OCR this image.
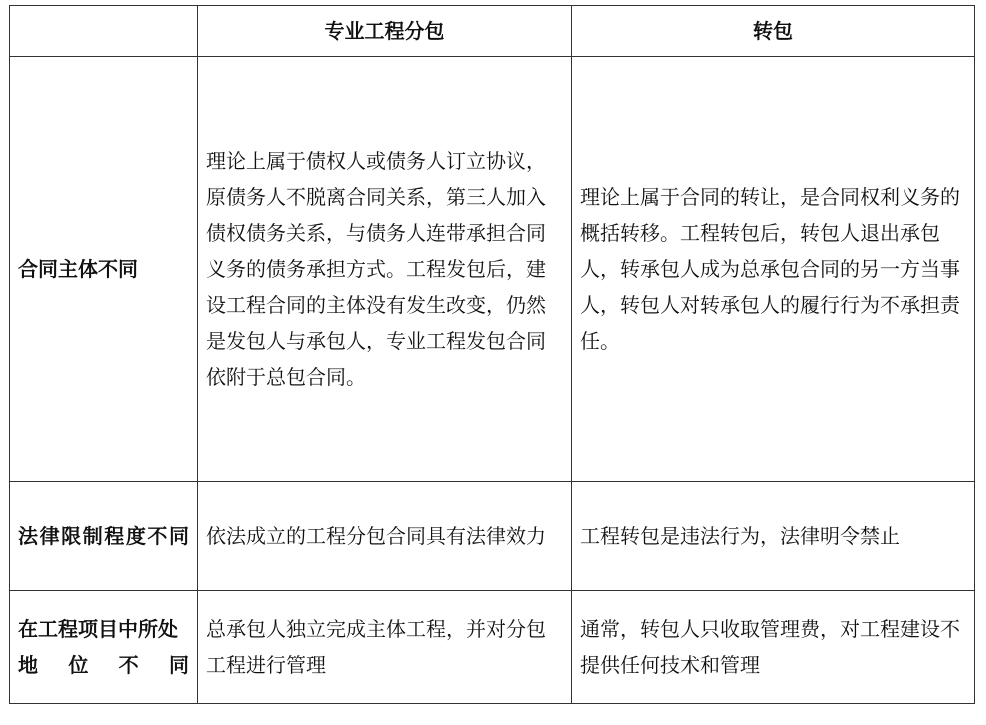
	专业工程分包	转包
合同主体不同	理论上属于债权人或债务人订立协议，原债务人不脱离合同关系，第三人加入债权债务关系，与债务人连带承担合同义务的债务承担方式。工程发包后，建设工程合同的主体没有发生改变，仍然是发包人与承包人，专业工程发包合同依附于总包合同。	理论上属于合同的转让，是合同权利义务的概括转移。工程转包后，转包人退出承包人，转承包人成为总承包合同的另一方当事人，转包人对转承包人的履行行为不承担责任。
法律限制程度不同	依法成立的工程分包合同具有法律效力	工程转包是违法行为，法律明令禁止
在工程项目中所处地位不同	总承包人独立完成主体工程，并对分包工程进行管理	通常，转包人只收取管理费，对工程建设不提供任何技术和管理
